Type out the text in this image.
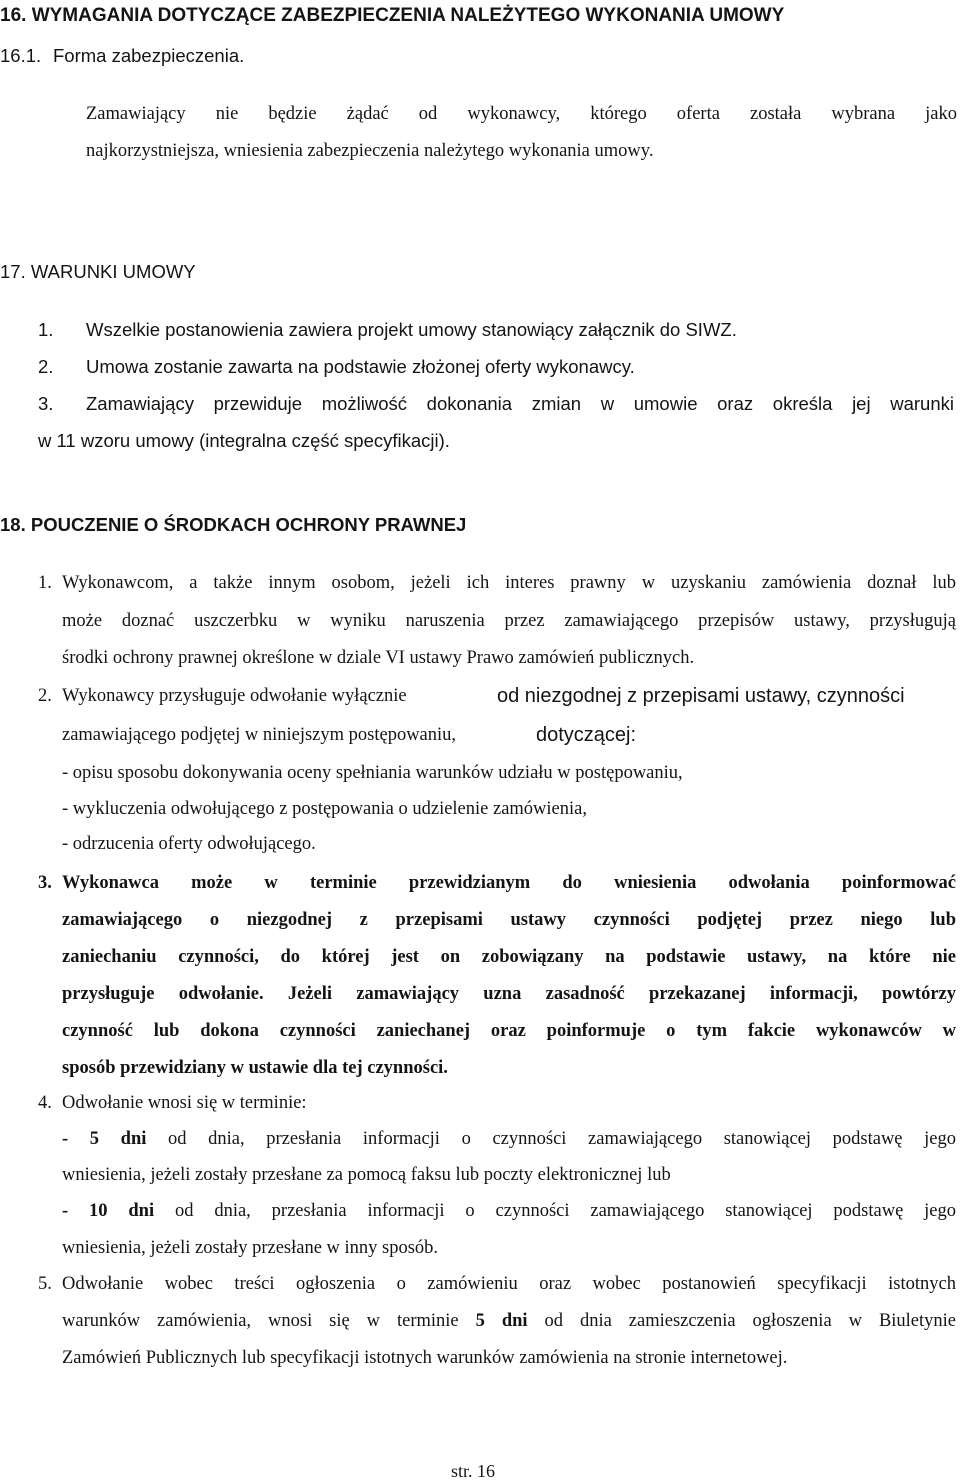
16. WYMAGANIA DOTYCZĄCE ZABEZPIECZENIA NALEŻYTEGO WYKONANIA UMOWY
16.1. Forma zabezpieczenia.
Zamawiający nie będzie żądać od wykonawcy, którego oferta została wybrana jako
najkorzystniejsza, wniesienia zabezpieczenia należytego wykonania umowy.
17. WARUNKI UMOWY
1. Wszelkie postanowienia zawiera projekt umowy stanowiący załącznik do SIWZ.
2. Umowa zostanie zawarta na podstawie złożonej oferty wykonawcy.
3. Zamawiający przewiduje możliwość dokonania zmian w umowie oraz określa jej warunki
w 11 wzoru umowy (integralna część specyfikacji).
18. POUCZENIE O ŚRODKACH OCHRONY PRAWNEJ
1. Wykonawcom, a także innym osobom, jeżeli ich interes prawny w uzyskaniu zamówienia doznał lub
może doznać uszczerbku w wyniku naruszenia przez zamawiającego przepisów ustawy, przysługują
środki ochrony prawnej określone w dziale VI ustawy Prawo zamówień publicznych.
2. Wykonawcy przysługuje odwołanie wyłącznie	od niezgodnej z przepisami ustawy, czynności
zamawiającego podjętej w niniejszym postępowaniu,	dotyczącej:
- opisu sposobu dokonywania oceny spełniania warunków udziału w postępowaniu,
- wykluczenia odwołującego z postępowania o udzielenie zamówienia,
- odrzucenia oferty odwołującego.
3. Wykonawca może w terminie przewidzianym do wniesienia odwołania poinformować
zamawiającego o niezgodnej z przepisami ustawy czynności podjętej przez niego lub
zaniechaniu czynności, do której jest on zobowiązany na podstawie ustawy, na które nie
przysługuje odwołanie. Jeżeli zamawiający uzna zasadność przekazanej informacji, powtórzy
czynność lub dokona czynności zaniechanej oraz poinformuje o tym fakcie wykonawców w
sposób przewidziany w ustawie dla tej czynności.
4. Odwołanie wnosi się w terminie:
- 5 dni od dnia, przesłania informacji o czynności zamawiającego stanowiącej podstawę jego
wniesienia, jeżeli zostały przesłane za pomocą faksu lub poczty elektronicznej lub
- 10 dni od dnia, przesłania informacji o czynności zamawiającego stanowiącej podstawę jego
wniesienia, jeżeli zostały przesłane w inny sposób.
5. Odwołanie wobec treści ogłoszenia o zamówieniu oraz wobec postanowień specyfikacji istotnych
warunków zamówienia, wnosi się w terminie 5 dni od dnia zamieszczenia ogłoszenia w Biuletynie
Zamówień Publicznych lub specyfikacji istotnych warunków zamówienia na stronie internetowej.
str. 16
